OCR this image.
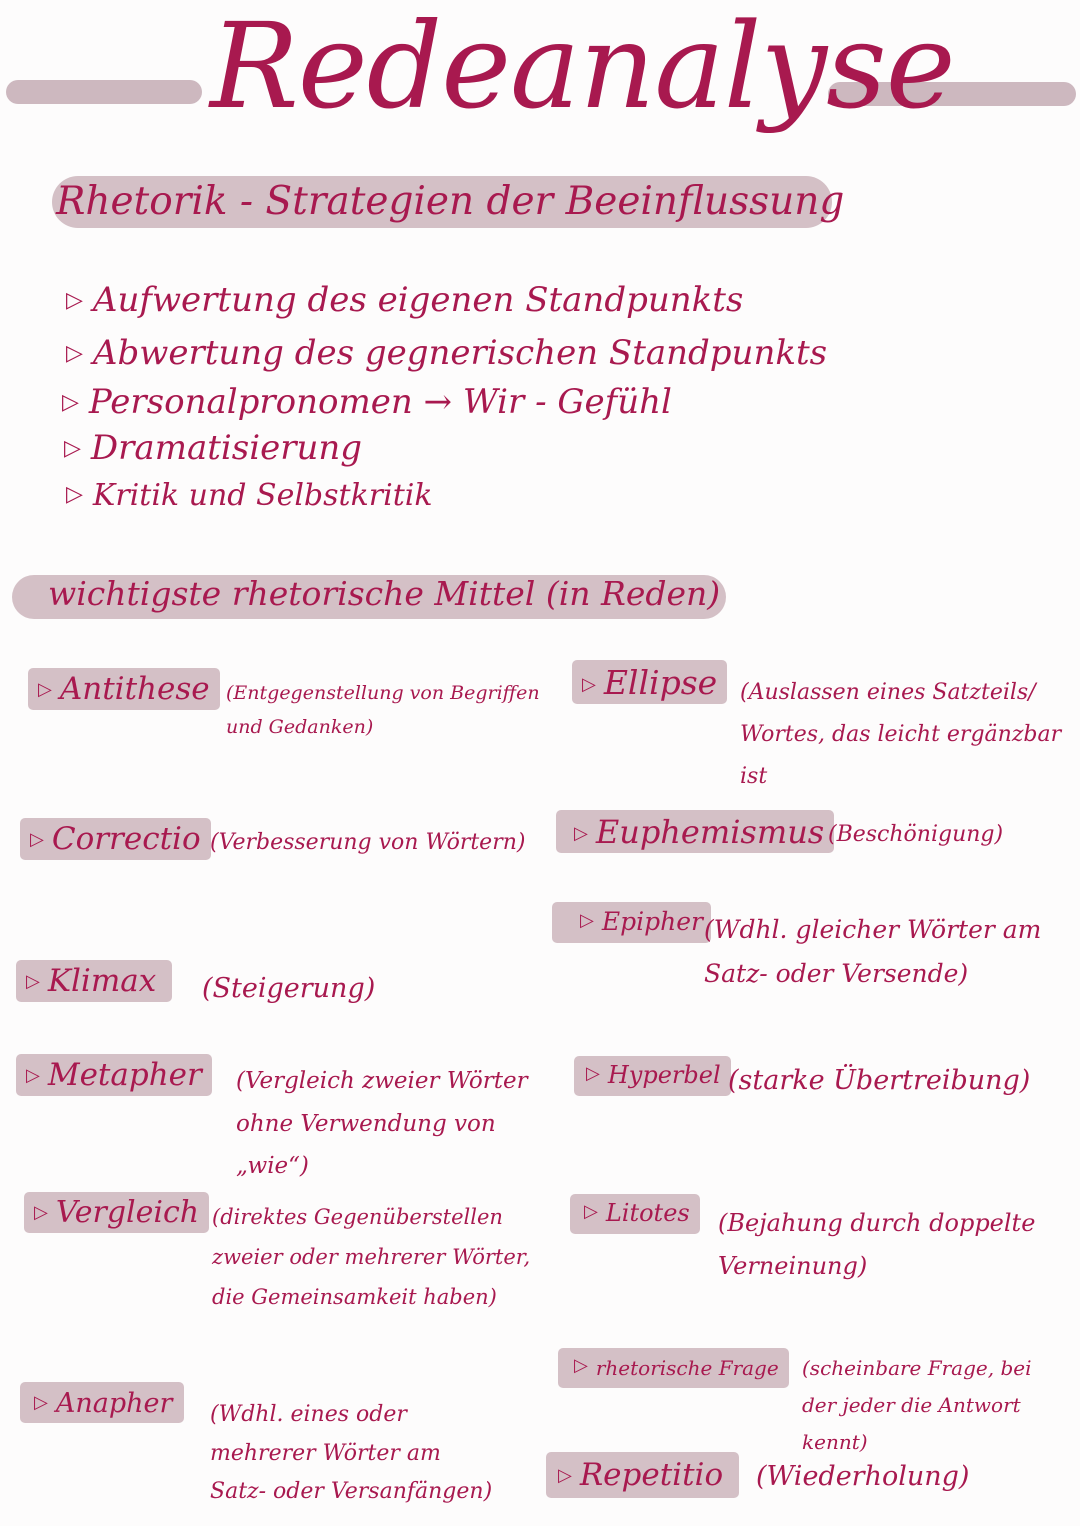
Redeanalyse
Rhetorik - Strategien der Beeinflussung
▷ Aufwertung des eigenen Standpunkts
▷ Abwertung des gegnerischen Standpunkts
▷ Personalpronomen → Wir - Gefühl
▷ Dramatisierung
▷ Kritik und Selbstkritik
wichtigste rhetorische Mittel (in Reden)
▷ Antithese (Entgegenstellung von Begriffen und Gedanken)
▷ Correctio (Verbesserung von Wörtern)
▷ Klimax	(Steigerung)
▷ Metapher	(Vergleich zweier Wörter ohne Verwendung von „wie“)
▷ Vergleich (direktes Gegenüberstellen zweier oder mehrerer Wörter, die Gemeinsamkeit haben)
▷ Anapher	(Wdhl. eines oder mehrerer Wörter am Satz- oder Versanfängen)
▷ Ellipse	(Auslassen eines Satzteils/ Wortes, das leicht ergänzbar ist
▷ Euphemismus (Beschönigung)
▷ Epipher (Wdhl. gleicher Wörter am Satz- oder Versende)
▷ Hyperbel (starke Übertreibung)
▷ Litotes	(Bejahung durch doppelte Verneinung)
▷ rhetorische Frage	(scheinbare Frage, bei der jeder die Antwort kennt)
▷ Repetitio	(Wiederholung)
